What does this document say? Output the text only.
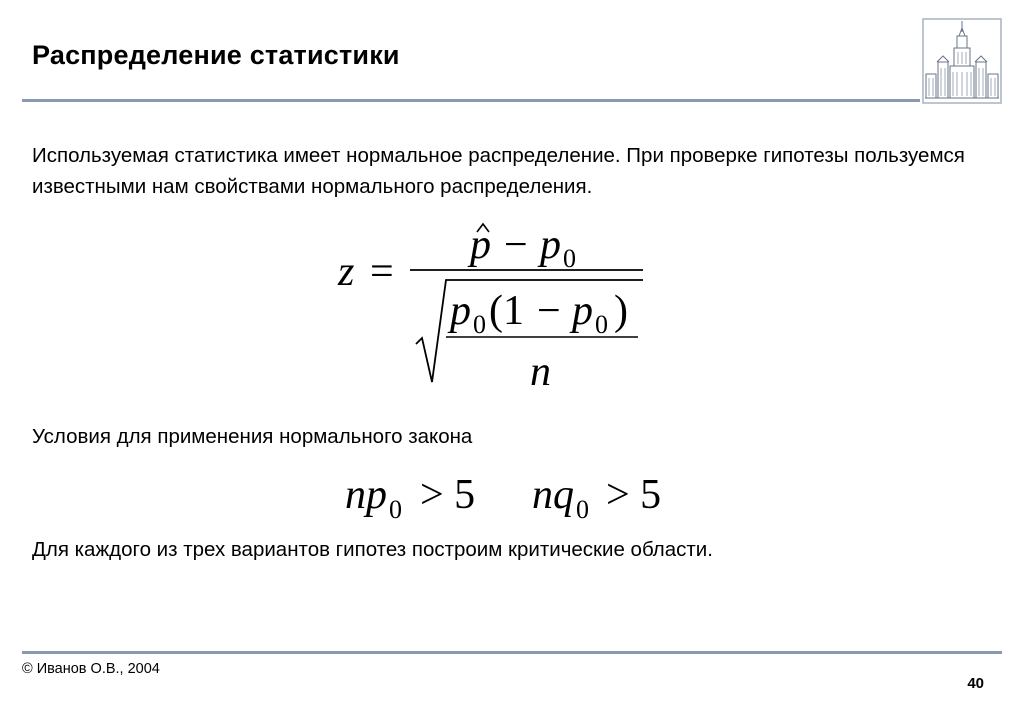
Распределение статистики
Используемая статистика имеет нормальное распределение. При проверке гипотезы пользуемся известными нам свойствами нормального распределения.
z =
p − p 0
p 0 (1 − p 0 )
n
Условия для применения нормального закона
n p 0 > 5 n q 0 > 5
Для каждого из трех вариантов гипотез построим критические области.
© Иванов О.В., 2004
40
